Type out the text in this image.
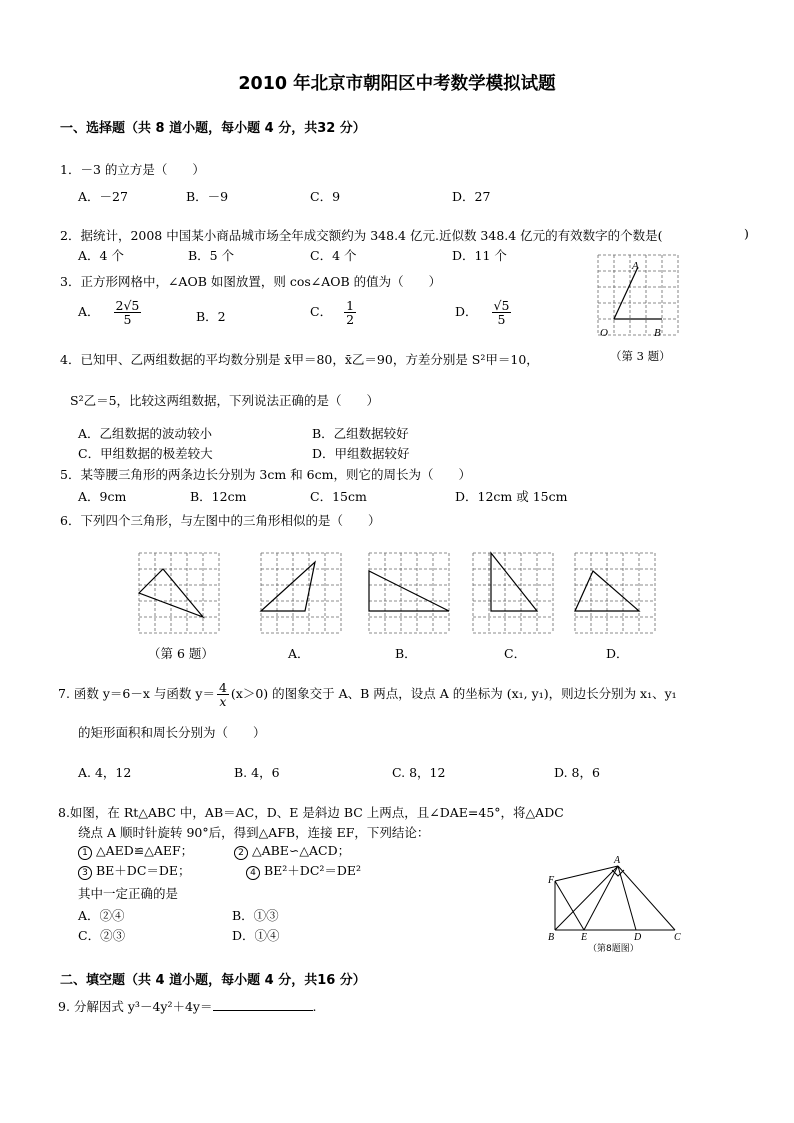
2010 年北京市朝阳区中考数学模拟试题
一、选择题（共 8 道小题，每小题 4 分，共32 分）
1．－3 的立方是（　　）
A．－27	B．－9	C．9	D．27
2．据统计，2008 中国某小商品城市场全年成交额约为 348.4 亿元.近似数 348.4 亿元的有效数字的个数是(	)
A．4 个	B．5 个	C．4 个	D．11 个
3．正方形网格中，∠AOB 如图放置，则 cos∠AOB 的值为（　　）
A． $\frac{2√5}{5}$	B．2	C． $\frac{1}{2}$	D． $\frac{√5}{5}$
A
O	B
（第 3 题）
4．已知甲、乙两组数据的平均数分别是 x̄甲＝80，x̄乙＝90，方差分别是 S²甲＝10，
S²乙＝5，比较这两组数据，下列说法正确的是（　　）
A．乙组数据的波动较小	B．乙组数据较好
C．甲组数据的极差较大	D．甲组数据较好
5．某等腰三角形的两条边长分别为 3cm 和 6cm，则它的周长为（　　）
A．9cm	B．12cm	C．15cm	D．12cm 或 15cm
6．下列四个三角形，与左图中的三角形相似的是（　　）
（第 6 题）	A．	B．	C．	D．
7. 函数 y＝6－x 与函数 $y= \frac{4}{x} (x>0)$ 的图象交于 A、B 两点，设点 A 的坐标为 (x₁, y₁)，则边长分别为 x₁、y₁
的矩形面积和周长分别为（　　）
A. 4，12	B. 4，6	C. 8，12	D. 8，6
8.如图，在 Rt△ABC 中，AB＝AC，D、E 是斜边 BC 上两点，且∠DAE=45°，将△ADC
绕点 A 顺时针旋转 90°后，得到△AFB，连接 EF，下列结论：
1 △AED≌△AEF；	2 △ABE∽△ACD；
3 BE＋DC＝DE；	4 BE²＋DC²＝DE²
其中一定正确的是
A．②④	B．①③
C．②③	D．①④
A
F
B	E	D	C
（第8题图）
二、填空题（共 4 道小题，每小题 4 分，共16 分）
9. 分解因式 y³－4y²＋4y＝	.
